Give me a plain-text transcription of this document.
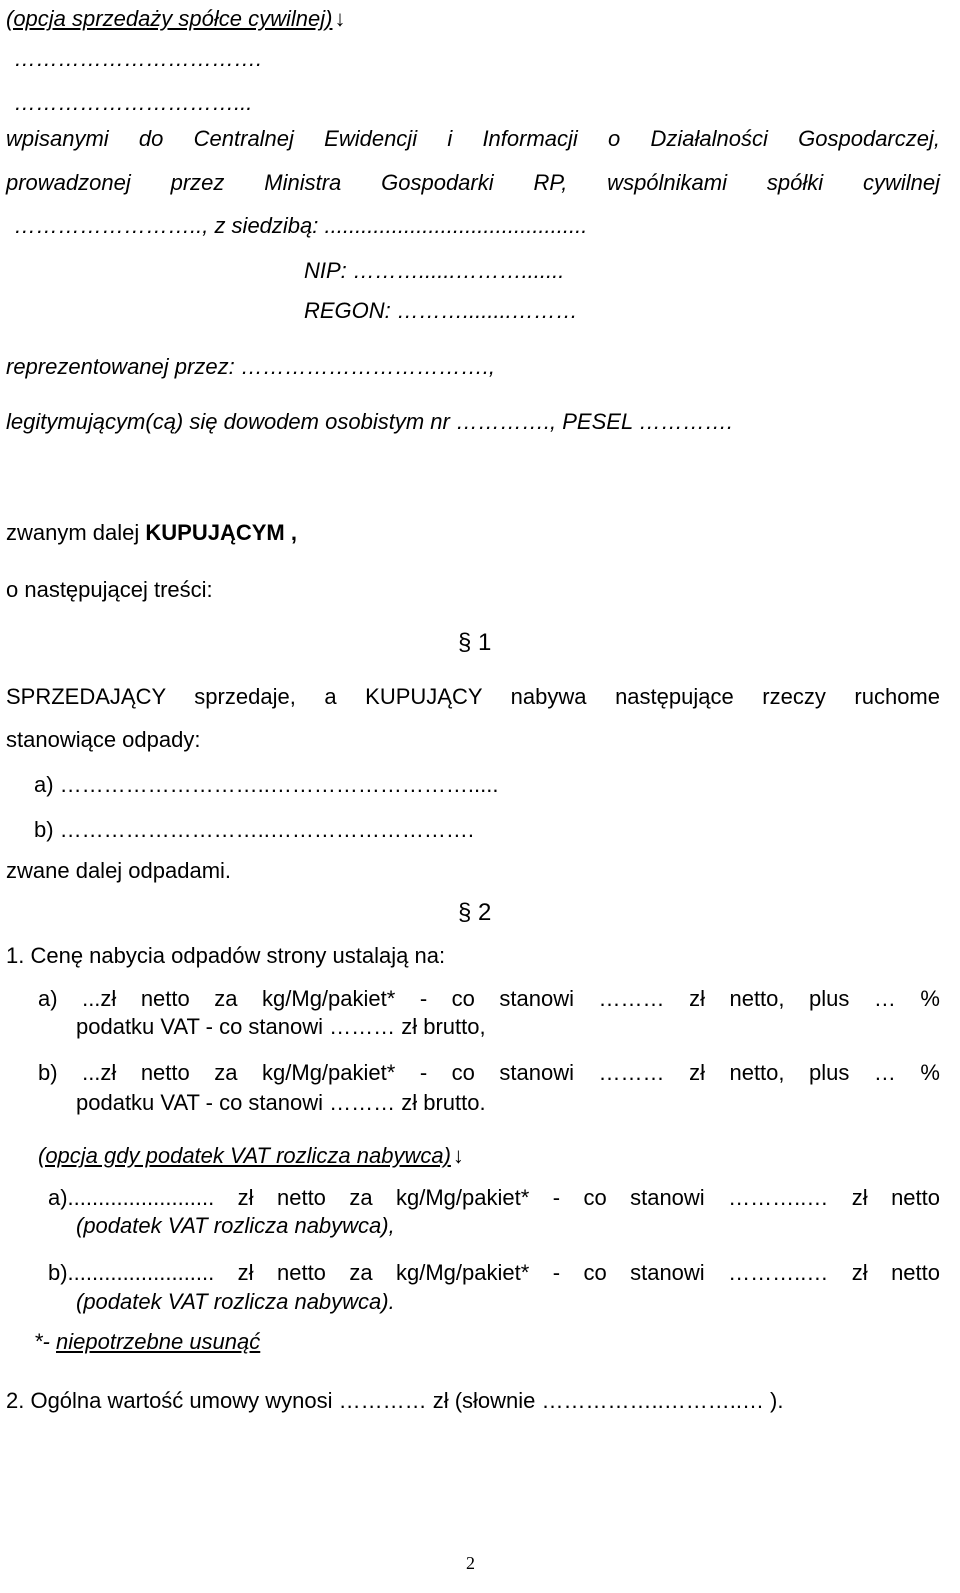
(opcja sprzedaży spółce cywilnej)↓
…………………………….
…………………………...
wpisanymi do Centralnej Ewidencji i Informacji o Działalności Gospodarczej,
prowadzonej przez Ministra Gospodarki RP, wspólnikami spółki cywilnej
…………………….., z siedzibą: ...........................................
NIP: ………......……….......
REGON: ………........………
reprezentowanej przez: …………………………….,
legitymującym(cą) się dowodem osobistym nr …………., PESEL ………….
zwanym dalej KUPUJĄCYM ,
o następującej treści:
§ 1
SPRZEDAJĄCY sprzedaje, a KUPUJĄCY nabywa następujące rzeczy ruchome
stanowiące odpady:
a) ………………………..……………………….....
b) ………………………..……………………….
zwane dalej odpadami.
§ 2
1. Cenę nabycia odpadów strony ustalają na:
a) ...zł netto za kg/Mg/pakiet* - co stanowi ……… zł netto, plus … %
podatku VAT - co stanowi ……… zł brutto,
b) ...zł netto za kg/Mg/pakiet* - co stanowi ……… zł netto, plus … %
podatku VAT - co stanowi ……… zł brutto.
(opcja gdy podatek VAT rozlicza nabywca)↓
a)........................ zł netto za kg/Mg/pakiet* - co stanowi ………..… zł netto
(podatek VAT rozlicza nabywca),
b)........................ zł netto za kg/Mg/pakiet* - co stanowi ………..… zł netto
(podatek VAT rozlicza nabywca).
*- niepotrzebne usunąć
2. Ogólna wartość umowy wynosi ………… zł (słownie ……………..………..… ).
2
